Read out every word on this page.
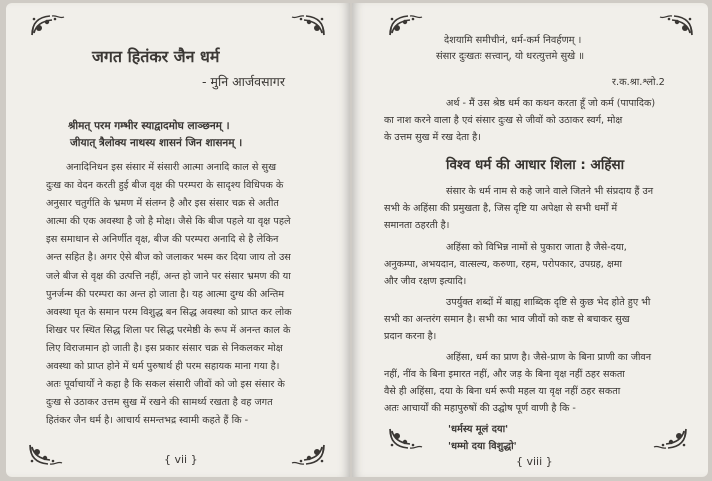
जगत हितंकर जैन धर्म
- मुनि आर्जवसागर
श्रीमत् परम गम्भीर स्याद्वादमोघ लाञ्छनम् ।
जीयात् त्रैलोक्य नाथस्य शासनं जिन शासनम् ।
अनादिनिधन इस संसार में संसारी आत्मा अनादि काल से सुख
दुःख का वेदन करती हुई बीज वृक्ष की परम्परा के सादृश्य विधिपक के
अनुसार चतुर्गति के भ्रमण में संलग्न है और इस संसार चक्र से अतीत
आत्मा की एक अवस्था है जो है मोक्ष। जैसे कि बीज पहले या वृक्ष पहले
इस समाधान से अनिर्णीत वृक्ष, बीज की परम्परा अनादि से है लेकिन
अन्त सहित है। अगर ऐसे बीज को जलाकर भस्म कर दिया जाय तो उस
जले बीज से वृक्ष की उत्पत्ति नहीं, अन्त हो जाने पर संसार भ्रमण की या
पुनर्जन्म की परम्परा का अन्त हो जाता है। यह आत्मा दुग्ध की अन्तिम
अवस्था घृत के समान परम विशुद्ध बन सिद्ध अवस्था को प्राप्त कर लोक
शिखर पर स्थित सिद्ध शिला पर सिद्ध परमेष्ठी के रूप में अनन्त काल के
लिए विराजमान हो जाती है। इस प्रकार संसार चक्र से निकलकर मोक्ष
अवस्था को प्राप्त होने में धर्म पुरुषार्थ ही परम सहायक माना गया है।
अतः पूर्वाचार्यों ने कहा है कि सकल संसारी जीवों को जो इस संसार के
दुःख से उठाकर उत्तम सुख में रखने की सामर्थ्य रखता है वह जगत
हितंकर जैन धर्म है। आचार्य समन्तभद्र स्वामी कहते हैं कि -
{ vii }
देशयामि समीचीनं, धर्म-कर्म निवर्हणम् ।
संसार दुःखतः सत्त्वान्, यो धरत्युत्तमे सुखे ॥
र.क.श्रा.श्लो.2
अर्थ - मैं उस श्रेष्ठ धर्म का कथन करता हूँ जो कर्म (पापादिक)
का नाश करने वाला है एवं संसार दुःख से जीवों को उठाकर स्वर्ग, मोक्ष
के उत्तम सुख में रख देता है।
विश्व धर्म की आधार शिला : अहिंसा
संसार के धर्म नाम से कहे जाने वाले जितने भी संप्रदाय हैं उन
सभी के अहिंसा की प्रमुखता है, जिस दृष्टि या अपेक्षा से सभी धर्मों में
समानता ठहरती है।
अहिंसा को विभिन्न नामों से पुकारा जाता है जैसे-दया,
अनुकम्पा, अभयदान, वात्सल्य, करुणा, रहम, परोपकार, उपग्रह, क्षमा
और जीव रक्षण इत्यादि।
उपर्युक्त शब्दों में बाह्य शाब्दिक दृष्टि से कुछ भेद होते हुए भी
सभी का अन्तरंग समान है। सभी का भाव जीवों को कष्ट से बचाकर सुख
प्रदान करना है।
अहिंसा, धर्म का प्राण है। जैसे-प्राण के बिना प्राणी का जीवन
नहीं, नींव के बिना इमारत नहीं, और जड़ के बिना वृक्ष नहीं ठहर सकता
वैसे ही अहिंसा, दया के बिना धर्म रूपी महल या वृक्ष नहीं ठहर सकता
अतः आचार्यों की महापुरुषों की उद्घोष पूर्ण वाणी है कि -
'धर्मस्य मूलं दया'
'धम्मो दया विशुद्धो'
{ viii }
